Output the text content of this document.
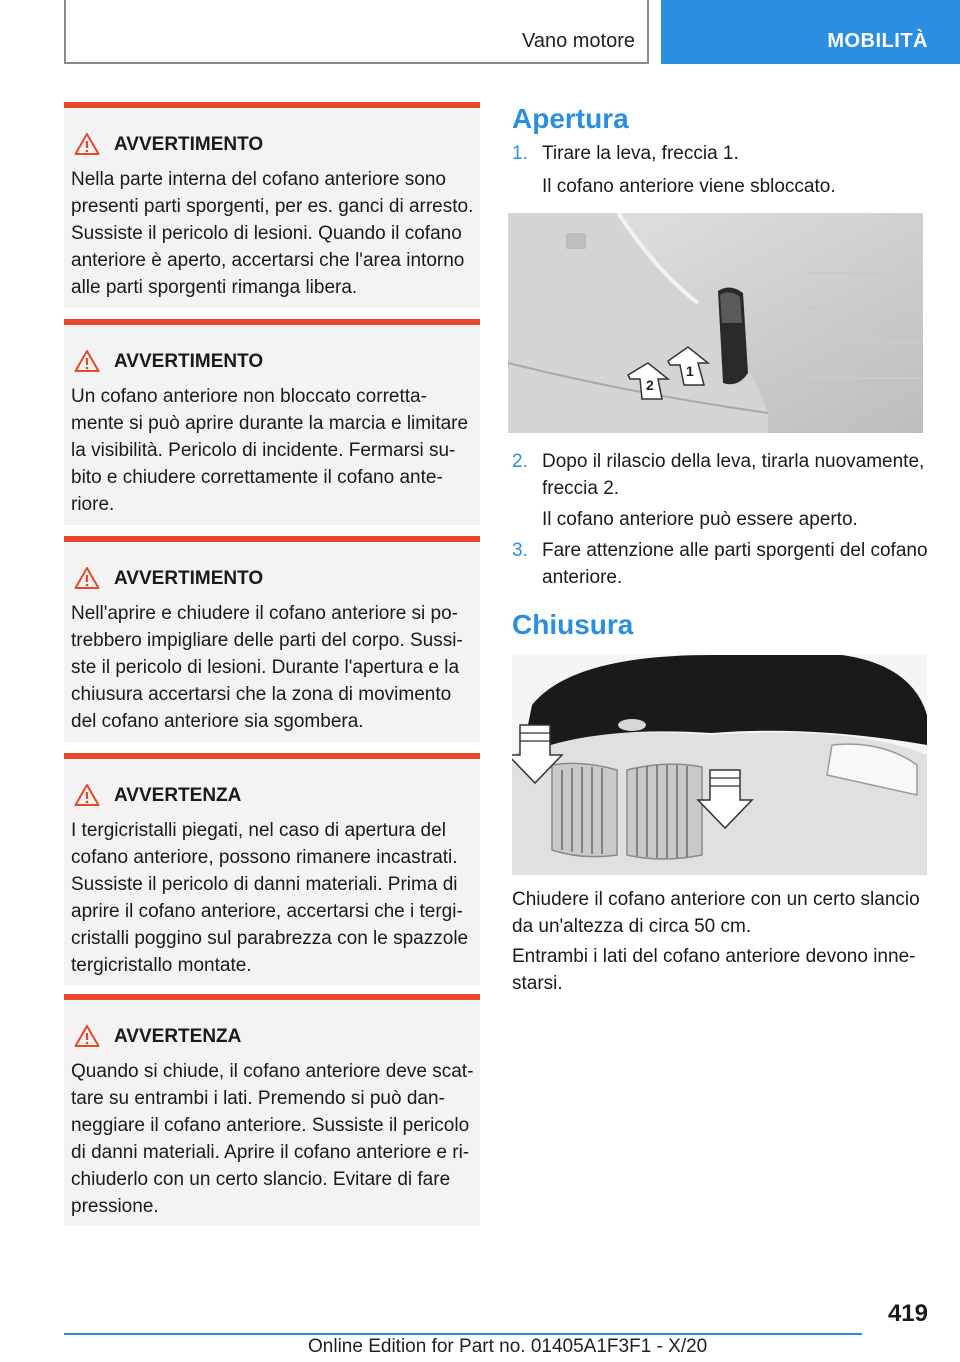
Vano motore	MOBILITÀ
AVVERTIMENTO
Nella parte interna del cofano anteriore sono presenti parti sporgenti, per es. ganci di arresto. Sussiste il pericolo di lesioni. Quando il cofano anteriore è aperto, accertarsi che l'area intorno alle parti sporgenti rimanga libera.
AVVERTIMENTO
Un cofano anteriore non bloccato corretta-mente si può aprire durante la marcia e limitare la visibilità. Pericolo di incidente. Fermarsi su-bito e chiudere correttamente il cofano ante-riore.
AVVERTIMENTO
Nell'aprire e chiudere il cofano anteriore si po-trebbero impigliare delle parti del corpo. Sussi-ste il pericolo di lesioni. Durante l'apertura e la chiusura accertarsi che la zona di movimento del cofano anteriore sia sgombera.
AVVERTENZA
I tergicristalli piegati, nel caso di apertura del cofano anteriore, possono rimanere incastrati. Sussiste il pericolo di danni materiali. Prima di aprire il cofano anteriore, accertarsi che i tergi-cristalli poggino sul parabrezza con le spazzole tergicristallo montate.
AVVERTENZA
Quando si chiude, il cofano anteriore deve scat-tare su entrambi i lati. Premendo si può dan-neggiare il cofano anteriore. Sussiste il pericolo di danni materiali. Aprire il cofano anteriore e ri-chiuderlo con un certo slancio. Evitare di fare pressione.
Apertura
1. Tirare la leva, freccia 1.
Il cofano anteriore viene sbloccato.
1
2
2. Dopo il rilascio della leva, tirarla nuovamente, freccia 2.
Il cofano anteriore può essere aperto.
3. Fare attenzione alle parti sporgenti del cofano anteriore.
Chiusura
Chiudere il cofano anteriore con un certo slancio da un'altezza di circa 50 cm.
Entrambi i lati del cofano anteriore devono inne-starsi.
419
Online Edition for Part no. 01405A1F3F1 - X/20
